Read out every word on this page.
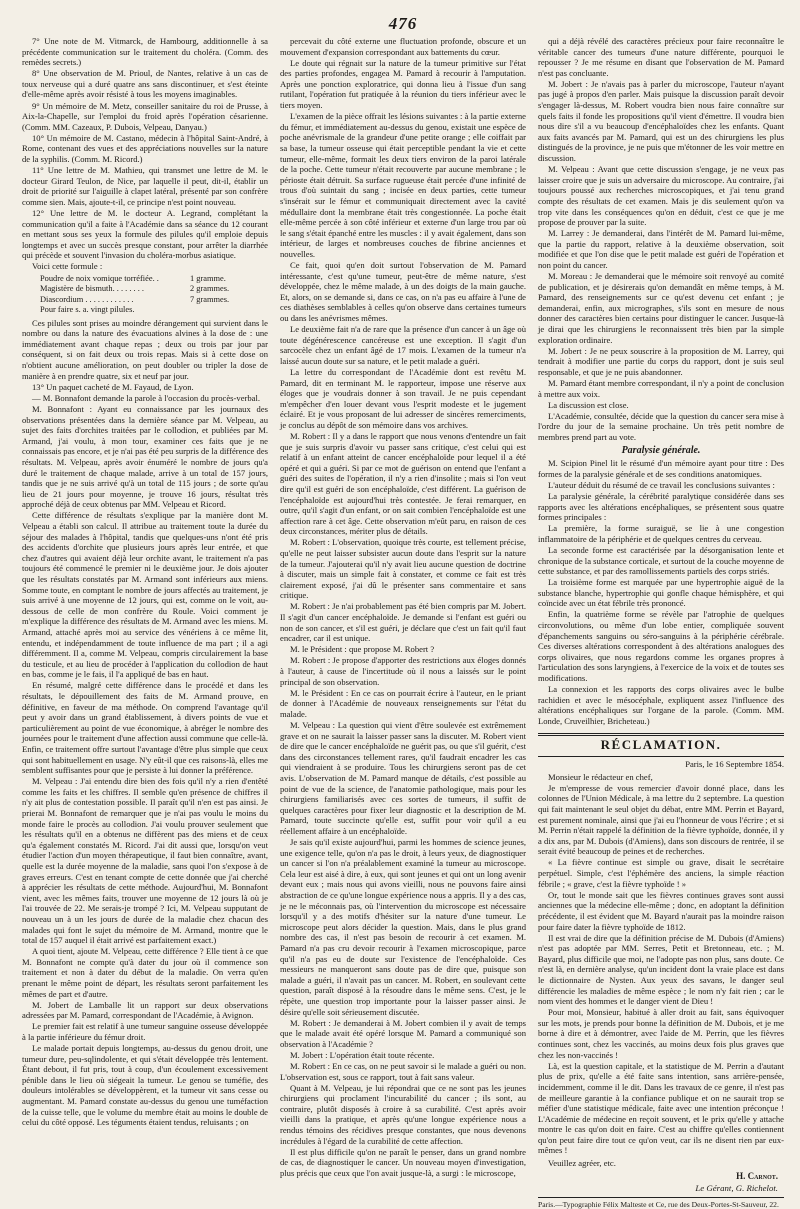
476

7° Une note de M. Vitmarck, de Hambourg, additionnelle à sa précédente communication sur le traitement du choléra. (Comm. des remèdes secrets.)

8° Une observation de M. Prioul, de Nantes, relative à un cas de toux nerveuse qui a duré quatre ans sans discontinuer, et s'est éteinte d'elle-même après avoir résisté à tous les moyens imaginables.

9° Un mémoire de M. Metz, conseiller sanitaire du roi de Prusse, à Aix-la-Chapelle, sur l'emploi du froid après l'opération césarienne. (Comm. MM. Cazeaux, P. Dubois, Velpeau, Danyau.)

10° Un mémoire de M. Castano, médecin à l'hôpital Saint-André, à Rome, contenant des vues et des appréciations nouvelles sur la nature de la syphilis. (Comm. M. Ricord.)

11° Une lettre de M. Mathieu, qui transmet une lettre de M. le docteur Girard Teulon, de Nice, par laquelle il peut, dit-il, établir un droit de priorité sur l'aiguille à clapet latéral, présenté par son confrère comme sien. Mais, ajoute-t-il, ce principe n'est point nouveau.

12° Une lettre de M. le docteur A. Legrand, complétant la communication qu'il a faite à l'Académie dans sa séance du 12 courant en mettant sous ses yeux la formule des pilules qu'il emploie depuis longtemps et avec un succès presque constant, pour arrêter la diarrhée qui précède et souvent l'invasion du choléra-morbus asiatique.

Voici cette formule :

Poudre de noix vomique torréfiée. .	1 gramme.
Magistère de bismuth. . . . . . . .	2 grammes.
Diascordium . . . . . . . . . . . .	7 grammes.
Pour faire s. a. vingt pilules.

Ces pilules sont prises au moindre dérangement qui survient dans le nombre ou dans la nature des évacuations alvines à la dose de : une immédiatement avant chaque repas ; deux ou trois par jour par conséquent, si on fait deux ou trois repas. Mais si à cette dose on n'obtient aucune amélioration, on peut doubler ou tripler la dose de manière à en prendre quatre, six et neuf par jour.

13° Un paquet cacheté de M. Fayaud, de Lyon.

— M. Bonnafont demande la parole à l'occasion du procès-verbal.

M. Bonnafont : Ayant eu connaissance par les journaux des observations présentées dans la dernière séance par M. Velpeau, au sujet des faits d'orchites traitées par le collodion, et publiées par M. Armand, j'ai voulu, à mon tour, examiner ces faits que je ne connaissais pas encore, et je n'ai pas été peu surpris de la différence des résultats. M. Velpeau, après avoir énuméré le nombre de jours qu'a duré le traitement de chaque malade, arrive à un total de 157 jours, tandis que je ne suis arrivé qu'à un total de 115 jours ; de sorte qu'au lieu de 21 jours pour moyenne, je trouve 16 jours, résultat très approché déjà de ceux obtenus par MM. Velpeau et Ricord.

Cette différence de résultats s'explique par la manière dont M. Velpeau a établi son calcul. Il attribue au traitement toute la durée du séjour des malades à l'hôpital, tandis que quelques-uns n'ont été pris des accidents d'orchite que plusieurs jours après leur entrée, et que chez d'autres qui avaient déjà leur orchite avant, le traitement n'a pas toujours été commencé le premier ni le deuxième jour. Je dois ajouter que les résultats constatés par M. Armand sont inférieurs aux miens. Somme toute, en comptant le nombre de jours affectés au traitement, je suis arrivé à une moyenne de 12 jours, qui est, comme on le voit, au-dessous de celle de mon confrère du Roule. Voici comment je m'explique la différence des résultats de M. Armand avec les miens. M. Armand, attaché après moi au service des vénériens à ce même lit, entendu, et indépendamment de toute influence de ma part ; il a agi différemment. Il a, comme M. Velpeau, compris circulairement la base du testicule, et au lieu de procéder à l'application du collodion de haut en bas, comme je le fais, il l'a appliqué de bas en haut.

En résumé, malgré cette différence dans le procédé et dans les résultats, le dépouillement des faits de M. Armand prouve, en définitive, en faveur de ma méthode. On comprend l'avantage qu'il peut y avoir dans un grand établissement, à divers points de vue et particulièrement au point de vue économique, à abréger le nombre des journées pour le traitement d'une affection aussi commune que celle-là. Enfin, ce traitement offre surtout l'avantage d'être plus simple que ceux qui sont habituellement en usage. N'y eût-il que ces raisons-là, elles me semblent suffisantes pour que je persiste à lui donner la préférence.

M. Velpeau : J'ai entendu dire bien des fois qu'il n'y a rien d'entêté comme les faits et les chiffres. Il semble qu'en présence de chiffres il n'y ait plus de contestation possible. Il paraît qu'il n'en est pas ainsi. Je prierai M. Bonnafont de remarquer que je n'ai pas voulu le moins du monde faire le procès au collodion. J'ai voulu prouver seulement que les résultats qu'il en a obtenus ne diffèrent pas des miens et de ceux qu'a également constatés M. Ricord. J'ai dit aussi que, lorsqu'on veut étudier l'action d'un moyen thérapeutique, il faut bien connaître, avant, quelle est la durée moyenne de la maladie, sans quoi l'on s'expose à de graves erreurs. C'est en tenant compte de cette donnée que j'ai cherché à apprécier les résultats de cette méthode. Aujourd'hui, M. Bonnafont vient, avec les mêmes faits, trouver une moyenne de 12 jours là où je l'ai trouvée de 22. Me serais-je trompé ? Ici, M. Velpeau supputant de nouveau un à un les jours de durée de la maladie chez chacun des malades qui font le sujet du mémoire de M. Armand, montre que le total de 157 auquel il était arrivé est parfaitement exact.)

A quoi tient, ajoute M. Velpeau, cette différence ? Elle tient à ce que M. Bonnafont ne compte qu'à dater du jour où il commence son traitement et non à dater du début de la maladie. On verra qu'en prenant le même point de départ, les résultats seront parfaitement les mêmes de part et d'autre.

M. Jobert de Lamballe lit un rapport sur deux observations adressées par M. Pamard, correspondant de l'Académie, à Avignon.

Le premier fait est relatif à une tumeur sanguine osseuse développée à la partie inférieure du fémur droit.

Le malade portait depuis longtemps, au-dessus du genou droit, une tumeur dure, peu-sqlindolente, et qui s'était développée très lentement. Étant debout, il fut pris, tout à coup, d'un écoulement excessivement pénible dans le lieu où siégeait la tumeur. Le genou se tuméfie, des douleurs intolérables se développèrent, et la tumeur vit sans cesse ou augmentant. M. Pamard constate au-dessus du genou une tuméfaction de la cuisse telle, que le volume du membre était au moins le double de celui du côté opposé. Les téguments étaient tendus, reluisants ; on

percevait du côté externe une fluctuation profonde, obscure et un mouvement d'expansion correspondant aux battements du cœur.

Le doute qui régnait sur la nature de la tumeur primitive sur l'état des parties profondes, engagea M. Pamard à recourir à l'amputation. Après une ponction exploratrice, qui donna lieu à l'issue d'un sang rutilant, l'opération fut pratiquée à la réunion du tiers inférieur avec le tiers moyen.

L'examen de la pièce offrait les lésions suivantes : à la partie externe du fémur, et immédiatement au-dessus du genou, existait une espèce de poche anévrismale de la grandeur d'une petite orange ; elle coiffait par sa base, la tumeur osseuse qui était perceptible pendant la vie et cette tumeur, elle-même, formait les deux tiers environ de la paroi latérale de la poche. Cette tumeur n'était recouverte par aucune membrane ; le périoste était détruit. Sa surface rugueuse était percée d'une infinité de trous d'où suintait du sang ; incisée en deux parties, cette tumeur s'insérait sur le fémur et communiquait directement avec la cavité médullaire dont la membrane était très congestionnée. La poche était elle-même percée à son côté inférieur et externe d'un large trou par où le sang s'était épanché entre les muscles : il y avait également, dans son intérieur, de larges et nombreuses couches de fibrine anciennes et nouvelles.

Ce fait, quoi qu'en doit surtout l'observation de M. Pamard intéressante, c'est qu'une tumeur, peut-être de même nature, s'est développée, chez le même malade, à un des doigts de la main gauche. Et, alors, on se demande si, dans ce cas, on n'a pas eu affaire à l'une de ces diathèses semblables à celles qu'on observe dans certaines tumeurs ou dans les anévrismes mêmes.

Le deuxième fait n'a de rare que la présence d'un cancer à un âge où toute dégénérescence cancéreuse est une exception. Il s'agit d'un sarcocèle chez un enfant âgé de 17 mois. L'examen de la tumeur n'a laissé aucun doute sur sa nature, et le petit malade a guéri.

La lettre du correspondant de l'Académie dont est revêtu M. Pamard, dit en terminant M. le rapporteur, impose une réserve aux éloges que je voudrais donner à son travail. Je ne puis cependant m'empêcher d'en louer devant vous l'esprit modeste et le jugement éclairé. Et je vous proposant de lui adresser de sincères remerciments, je conclus au dépôt de son mémoire dans vos archives.

M. Robert : Il y a dans le rapport que nous venons d'entendre un fait que je suis surpris d'avoir vu passer sans critique, c'est celui qui est relatif à un enfant atteint de cancer encéphaloïde pour lequel il a été opéré et qui a guéri. Si par ce mot de guérison on entend que l'enfant a guéri des suites de l'opération, il n'y a rien d'insolite ; mais si l'on veut dire qu'il est guéri de son encéphaloïde, c'est différent. La guérison de l'encéphaloïde est aujourd'hui très contestée. Je ferai remarquer, en outre, qu'il s'agit d'un enfant, or on sait combien l'encéphaloïde est une affection rare à cet âge. Cette observation m'eût paru, en raison de ces deux circonstances, mériter plus de détails.

M. Robert : L'observation, quoique très courte, est tellement précise, qu'elle ne peut laisser subsister aucun doute dans l'esprit sur la nature de la tumeur. J'ajouterai qu'il n'y avait lieu aucune question de doctrine à discuter, mais un simple fait à constater, et comme ce fait est très clairement exposé, j'ai dû le présenter sans commentaire et sans critique.

M. Robert : Je n'ai probablement pas été bien compris par M. Jobert. Il s'agit d'un cancer encéphaloïde. Je demande si l'enfant est guéri ou non de son cancer, et s'il est guéri, je déclare que c'est un fait qu'il faut encadrer, car il est unique.

M. le Président : que propose M. Robert ?

M. Robert : Je propose d'apporter des restrictions aux éloges donnés à l'auteur, à cause de l'incertitude où il nous a laissés sur le point principal de son observation.

M. le Président : En ce cas on pourrait écrire à l'auteur, en le priant de donner à l'Académie de nouveaux renseignements sur l'état du malade.

M. Velpeau : La question qui vient d'être soulevée est extrêmement grave et on ne saurait la laisser passer sans la discuter. M. Robert vient de dire que le cancer encéphaloïde ne guérit pas, ou que s'il guérit, c'est dans des circonstances tellement rares, qu'il faudrait encadrer les cas qui viendraient à se produire. Tous les chirurgiens seront pas de cet avis. L'observation de M. Pamard manque de détails, c'est possible au point de vue de la science, de l'anatomie pathologique, mais pour les chirurgiens familiarisés avec ces sortes de tumeurs, il suffit de quelques caractères pour fixer leur diagnostic et la description de M. Pamard, toute succincte qu'elle est, suffit pour voir qu'il a eu réellement affaire à un encéphaloïde.

Je sais qu'il existe aujourd'hui, parmi les hommes de science jeunes, une exigence telle, qu'on n'a pas le droit, à leurs yeux, de diagnostiquer un cancer si l'on n'a préalablement examiné la tumeur au microscope. Cela leur est aisé à dire, à eux, qui sont jeunes et qui ont un long avenir devant eux ; mais nous qui avons vieilli, nous ne pouvons faire ainsi abstraction de ce qu'une longue expérience nous a appris. Il y a des cas, je ne le méconnais pas, où l'intervention du microscope est nécessaire lorsqu'il y a des motifs d'hésiter sur la nature d'une tumeur. Le microscope peut alors décider la question. Mais, dans le plus grand nombre des cas, il n'est pas besoin de recourir à cet examen. M. Pamard n'a pas cru devoir recourir à l'examen microscopique, parce qu'il n'a pas eu de doute sur l'existence de l'encéphaloïde. Ces messieurs ne manqueront sans doute pas de dire que, puisque son malade a guéri, il n'avait pas un cancer. M. Robert, en soulevant cette question, paraît disposé à la résoudre dans le même sens. C'est, je le répète, une question trop importante pour la laisser passer ainsi. Je désire qu'elle soit sérieusement discutée.

M. Robert : Je demanderai à M. Jobert combien il y avait de temps que le malade avait été opéré lorsque M. Pamard a communiqué son observation à l'Académie ?

M. Jobert : L'opération était toute récente.

M. Robert : En ce cas, on ne peut savoir si le malade a guéri ou non. L'observation est, sous ce rapport, tout à fait sans valeur.

Quant à M. Velpeau, je lui répondrai que ce ne sont pas les jeunes chirurgiens qui proclament l'incurabilité du cancer ; ils sont, au contraire, plutôt disposés à croire à sa curabilité. C'est après avoir vieilli dans la pratique, et après qu'une longue expérience nous a rendus témoins des récidives presque constantes, que nous devenons incrédules à l'égard de la curabilité de cette affection.

Il est plus difficile qu'on ne paraît le penser, dans un grand nombre de cas, de diagnostiquer le cancer. Un nouveau moyen d'investigation, plus précis que ceux que l'on avait jusque-là, a surgi : le microscope,

qui a déjà révélé des caractères précieux pour faire reconnaître le véritable cancer des tumeurs d'une nature différente, pourquoi le repousser ? Je me résume en disant que l'observation de M. Pamard n'est pas concluante.

M. Jobert : Je n'avais pas à parler du microscope, l'auteur n'ayant pas jugé à propos d'en parler. Mais puisque la discussion paraît devoir s'engager là-dessus, M. Robert voudra bien nous faire connaître sur quels faits il fonde les propositions qu'il vient d'émettre. Il voudra bien nous dire s'il a vu beaucoup d'encéphaloïdes chez les enfants. Quant aux faits avancés par M. Pamard, qui est un des chirurgiens les plus distingués de la province, je ne puis que m'étonner de les voir mettre en discussion.

M. Velpeau : Avant que cette discussion s'engage, je ne veux pas laisser croire que je suis un adversaire du microscope. Au contraire, j'ai toujours poussé aux recherches microscopiques, et j'ai tenu grand compte des résultats de cet examen. Mais je dis seulement qu'on va trop vite dans les conséquences qu'on en déduit, c'est ce que je me propose de prouver par la suite.

M. Larrey : Je demanderai, dans l'intérêt de M. Pamard lui-même, que la partie du rapport, relative à la deuxième observation, soit modifiée et que l'on dise que le petit malade est guéri de l'opération et non point du cancer.

M. Moreau : Je demanderai que le mémoire soit renvoyé au comité de publication, et je désirerais qu'on demandât en même temps, à M. Pamard, des renseignements sur ce qu'est devenu cet enfant ; je demanderai, enfin, aux micrographes, s'ils sont en mesure de nous donner des caractères bien certains pour distinguer le cancer. Jusque-là je dirai que les chirurgiens le reconnaissent très bien par la simple exploration ordinaire.

M. Jobert : Je ne peux souscrire à la proposition de M. Larrey, qui tendrait à modifier une partie du corps du rapport, dont je suis seul responsable, et que je ne puis abandonner.

M. Pamard étant membre correspondant, il n'y a point de conclusion à mettre aux voix.

La discussion est close.

L'Académie, consultée, décide que la question du cancer sera mise à l'ordre du jour de la semaine prochaine. Un très petit nombre de membres prend part au vote.

Paralysie générale.

M. Scipion Pinel lit le résumé d'un mémoire ayant pour titre : Des formes de la paralysie générale et de ses conditions anatomiques.

L'auteur déduit du résumé de ce travail les conclusions suivantes :

La paralysie générale, la cérébrité paralytique considérée dans ses rapports avec les altérations encéphaliques, se présentent sous quatre formes principales :

La première, la forme suraiguë, se lie à une congestion inflammatoire de la périphérie et de quelques centres du cerveau.

La seconde forme est caractérisée par la désorganisation lente et chronique de la substance corticale, et surtout de la couche moyenne de cette substance, et par des ramollissements partiels des corps striés.

La troisième forme est marquée par une hypertrophie aiguë de la substance blanche, hypertrophie qui gonfle chaque hémisphère, et qui coïncide avec un état fébrile très prononcé.

Enfin, la quatrième forme se révèle par l'atrophie de quelques circonvolutions, ou même d'un lobe entier, compliquée souvent d'épanchements sanguins ou séro-sanguins à la périphérie cérébrale. Ces diverses altérations correspondent à des altérations analogues des corps olivaires, que nous regardons comme les organes propres à l'articulation des sons laryngiens, à l'exercice de la voix et de toutes ses modifications.

La connexion et les rapports des corps olivaires avec le bulbe rachidien et avec le mésocéphale, expliquent assez l'influence des altérations encéphaliques sur l'organe de la parole. (Comm. MM. Londe, Cruveilhier, Bricheteau.)

RÉCLAMATION.
Paris, le 16 Septembre 1854.

Monsieur le rédacteur en chef,

Je m'empresse de vous remercier d'avoir donné place, dans les colonnes de l'Union Médicale, à ma lettre du 2 septembre. La question qui fait maintenant le seul objet du débat, entre MM. Perrin et Bayard, est purement nominale, ainsi que j'ai eu l'honneur de vous l'écrire ; et si M. Perrin n'était rappelé la définition de la fièvre typhoïde, donnée, il y a dix ans, par M. Dubois (d'Amiens), dans son discours de rentrée, il se serait évité beaucoup de peines et de recherches.

« La fièvre continue est simple ou grave, disait le secrétaire perpétuel. Simple, c'est l'éphémère des anciens, la simple réaction fébrile ; « grave, c'est la fièvre typhoïde ! »

Or, tout le monde sait que les fièvres continues graves sont aussi anciennes que la médecine elle-même ; donc, en adoptant la définition précédente, il est évident que M. Bayard n'aurait pas la moindre raison pour faire dater la fièvre typhoïde de 1812.

Il est vrai de dire que la définition précise de M. Dubois (d'Amiens) n'est pas adoptée par MM. Serres, Petit et Bretonneau, etc. ; M. Bayard, plus difficile que moi, ne l'adopte pas non plus, sans doute. Ce n'est là, en dernière analyse, qu'un incident dont la vraie place est dans le dictionnaire de Nysten. Aux yeux des savans, le danger seul différencie les maladies de même espèce ; le nom n'y fait rien ; car le nom vient des hommes et le danger vient de Dieu !

Pour moi, Monsieur, habitué à aller droit au fait, sans équivoquer sur les mots, je prends pour bonne la définition de M. Dubois, et je me borne à dire et à démontrer, avec l'aide de M. Perrin, que les fièvres continues sont, chez les vaccinés, au moins deux fois plus graves que chez les non-vaccinés !

Là, est la question capitale, et la statistique de M. Perrin a d'autant plus de prix, qu'elle a été faite sans intention, sans arrière-pensée, incidemment, comme il le dit. Dans les travaux de ce genre, il n'est pas de meilleure garantie à la confiance publique et on ne saurait trop se méfier d'une statistique médicale, faite avec une intention préconçue ! L'Académie de médecine en reçoit souvent, et le prix qu'elle y attache montre le cas qu'on doit en faire. C'est au chiffre qu'elles contiennent qu'on peut faire dire tout ce qu'on veut, car ils ne disent rien par eux-mêmes !

Veuillez agréer, etc.

H. Carnot.
Le Gérant, G. Richelot.
Paris.—Typographie Félix Malteste et Ce, rue des Deux-Portes-St-Sauveur, 22.
